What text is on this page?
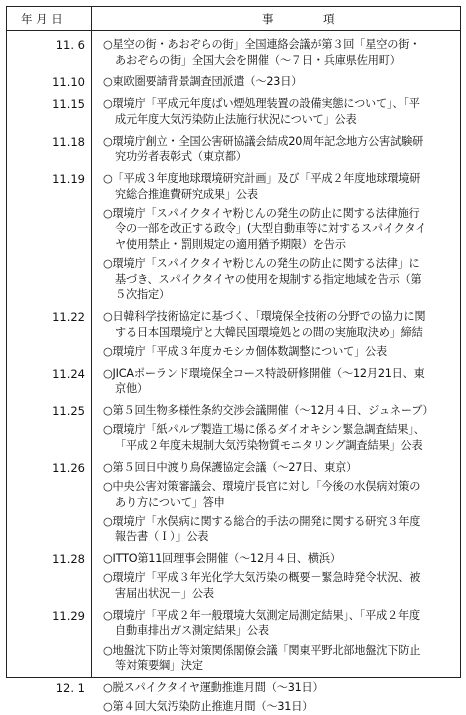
年 月 日	事	項
11. 6 ○星空の街・あおぞらの街」全国連絡会議が第３回「星空の街・
あおぞらの街」全国大会を開催（～７日・兵庫県佐用町）
11.10 ○東欧圏要請背景調査団派遣（～23日）
11.15 ○環境庁「平成元年度ばい煙処理装置の設備実態について」、「平
成元年度大気汚染防止法施行状況について」公表
11.18 ○環境庁創立・全国公害研協議会結成20周年記念地方公害試験研
究功労者表彰式（東京都）
11.19 ○「平成３年度地球環境研究計画」及び「平成２年度地球環境研
究総合推進費研究成果」公表
○環境庁「スパイクタイヤ粉じんの発生の防止に関する法律施行
令の一部を改正する政令」(大型自動車等に対するスパイクタイ
ヤ使用禁止・罰則規定の適用猶予期限）を告示
○環境庁「スパイクタイヤ粉じんの発生の防止に関する法律」に
基づき、スパイクタイヤの使用を規制する指定地域を告示（第
５次指定）
11.22 ○日韓科学技術協定に基づく、「環境保全技術の分野での協力に関
する日本国環境庁と大韓民国環境処との間の実施取決め」締結
○環境庁「平成３年度カモシカ個体数調整について」公表
11.24 ○JICAポーランド環境保全コース特設研修開催（～12月21日、東
京他）
11.25 ○第５回生物多様性条約交渉会議開催（～12月４日、ジュネーブ）
○環境庁「紙パルプ製造工場に係るダイオキシン緊急調査結果」、
「平成２年度未規制大気汚染物質モニタリング調査結果」公表
11.26 ○第５回日中渡り鳥保護協定会議（～27日、東京）
○中央公害対策審議会、環境庁長官に対し「今後の水俣病対策の
あり方について」答申
○環境庁「水俣病に関する総合的手法の開発に関する研究３年度
報告書（Ｉ）」公表
11.28 ○ITTO第11回理事会開催（～12月４日、横浜）
○環境庁「平成３年光化学大気汚染の概要－緊急時発令状況、被
害届出状況－」公表
11.29 ○環境庁「平成２年一般環境大気測定局測定結果」、「平成２年度
自動車排出ガス測定結果」公表
○地盤沈下防止等対策関係閣僚会議「関東平野北部地盤沈下防止
等対策要綱」決定
12. 1 ○脱スパイクタイヤ運動推進月間（～31日）
○第４回大気汚染防止推進月間（～31日）
